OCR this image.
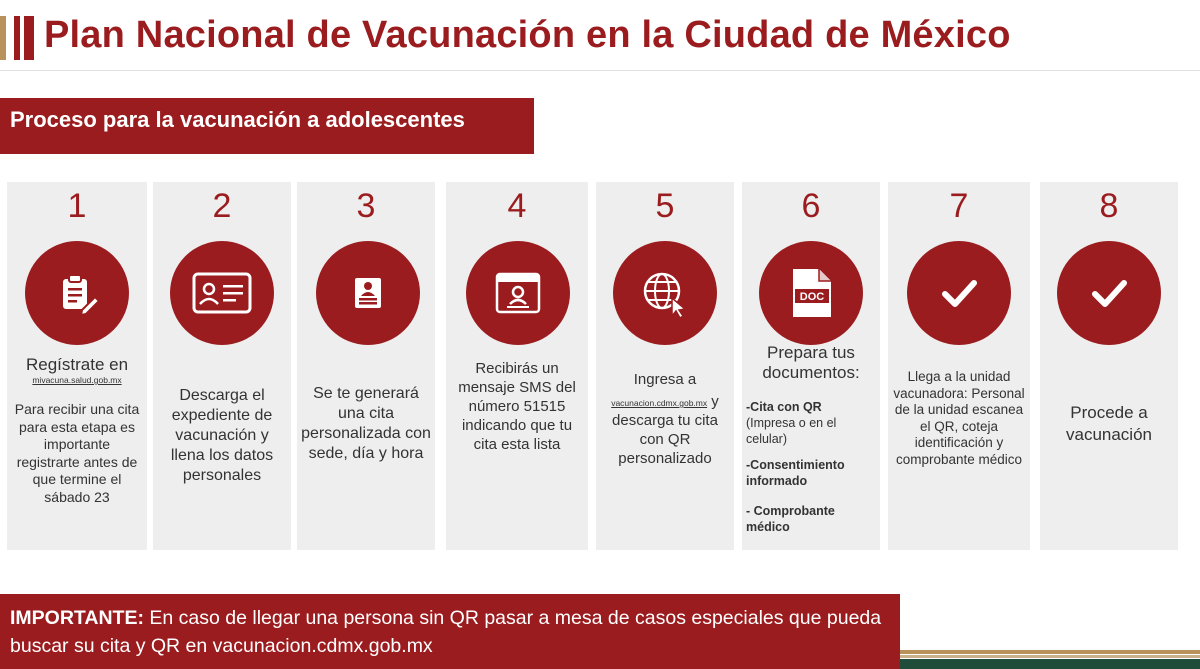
Plan Nacional de Vacunación en la Ciudad de México
Proceso para la vacunación a adolescentes
1
Regístrate en
mivacuna.salud.gob.mx
Para recibir una cita para esta etapa es importante registrarte antes de que termine el sábado 23
2
Descarga el expediente de vacunación y llena los datos personales
3
Se te generará una cita personalizada con sede, día y hora
4
Recibirás un mensaje SMS del número 51515 indicando que tu cita esta lista
5
Ingresa a
vacunacion.cdmx.gob.mx y descarga tu cita con QR personalizado
6
DOC
Prepara tus documentos:
-Cita con QR
(Impresa o en el celular)
-Consentimiento informado
- Comprobante médico
7
Llega a la unidad vacunadora: Personal de la unidad escanea el QR, coteja identificación y comprobante médico
8
Procede a vacunación
IMPORTANTE: En caso de llegar una persona sin QR pasar a mesa de casos especiales que pueda buscar su cita y QR en vacunacion.cdmx.gob.mx
